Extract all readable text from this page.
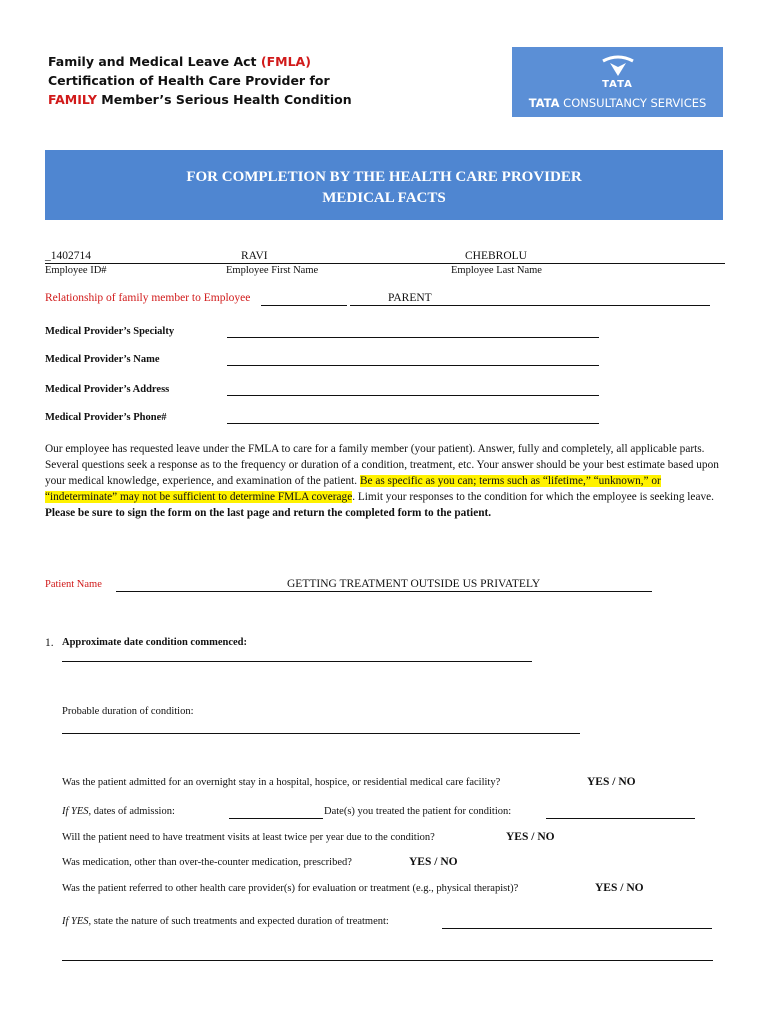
Family and Medical Leave Act (FMLA)
Certification of Health Care Provider for
FAMILY Member’s Serious Health Condition
TATA
TATA CONSULTANCY SERVICES
FOR COMPLETION BY THE HEALTH CARE PROVIDER
MEDICAL FACTS
_1402714	RAVI	CHEBROLU
Employee ID#	Employee First Name	Employee Last Name
Relationship of family member to Employee	PARENT
Medical Provider’s Specialty
Medical Provider’s Name
Medical Provider’s Address
Medical Provider’s Phone#
Our employee has requested leave under the FMLA to care for a family member (your patient). Answer, fully and completely, all applicable parts. Several questions seek a response as to the frequency or duration of a condition, treatment, etc. Your answer should be your best estimate based upon your medical knowledge, experience, and examination of the patient. Be as specific as you can; terms such as “lifetime,” “unknown,” or “indeterminate” may not be sufficient to determine FMLA coverage. Limit your responses to the condition for which the employee is seeking leave. Please be sure to sign the form on the last page and return the completed form to the patient.
Patient Name	GETTING TREATMENT OUTSIDE US PRIVATELY
1. Approximate date condition commenced:
Probable duration of condition:
Was the patient admitted for an overnight stay in a hospital, hospice, or residential medical care facility?	YES / NO
If YES, dates of admission:	Date(s) you treated the patient for condition:
Will the patient need to have treatment visits at least twice per year due to the condition?	YES / NO
Was medication, other than over-the-counter medication, prescribed?	YES / NO
Was the patient referred to other health care provider(s) for evaluation or treatment (e.g., physical therapist)?	YES / NO
If YES, state the nature of such treatments and expected duration of treatment:
